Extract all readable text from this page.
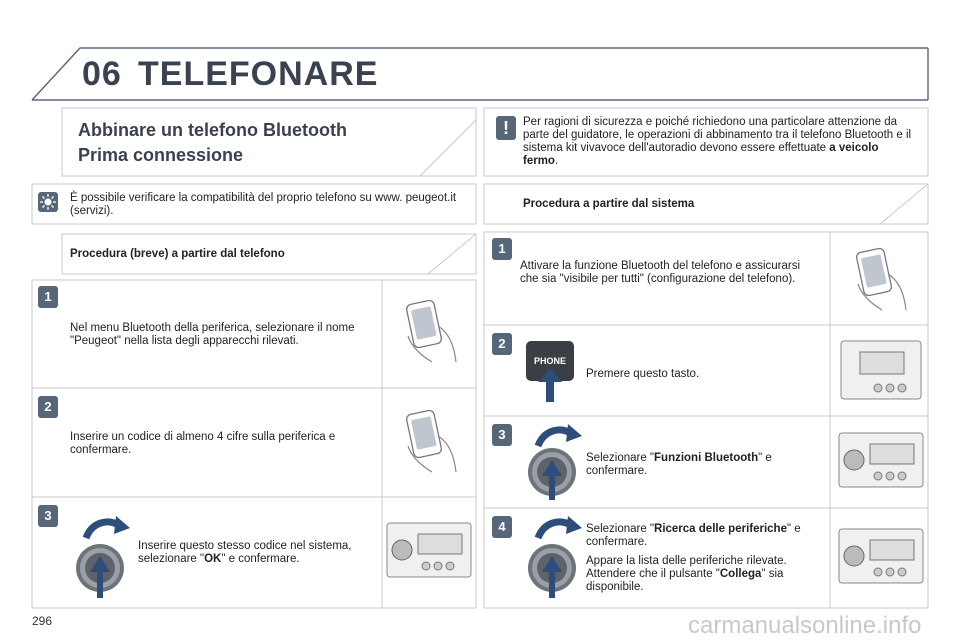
06 TELEFONARE
Abbinare un telefono Bluetooth
Prima connessione
!	Per ragioni di sicurezza e poiché richiedono una particolare attenzione da parte del guidatore, le operazioni di abbinamento tra il telefono Bluetooth e il sistema kit vivavoce dell'autoradio devono essere effettuate a veicolo fermo.
È possibile verificare la compatibilità del proprio telefono su www. peugeot.it (servizi).
Procedura a partire dal sistema
Procedura (breve) a partire dal telefono
1
Nel menu Bluetooth della periferica, selezionare il nome "Peugeot" nella lista degli apparecchi rilevati.
2
Inserire un codice di almeno 4 cifre sulla periferica e confermare.
3
Inserire questo stesso codice nel sistema, selezionare "OK" e confermare.
1
Attivare la funzione Bluetooth del telefono e assicurarsi che sia "visibile per tutti" (configurazione del telefono).
2
Premere questo tasto.
3
Selezionare "Funzioni Bluetooth" e confermare.
4	Selezionare "Ricerca delle periferiche" e confermare.
Appare la lista delle periferiche rilevate. Attendere che il pulsante "Collega" sia disponibile.
PHONE
296	carmanualsonline.info
